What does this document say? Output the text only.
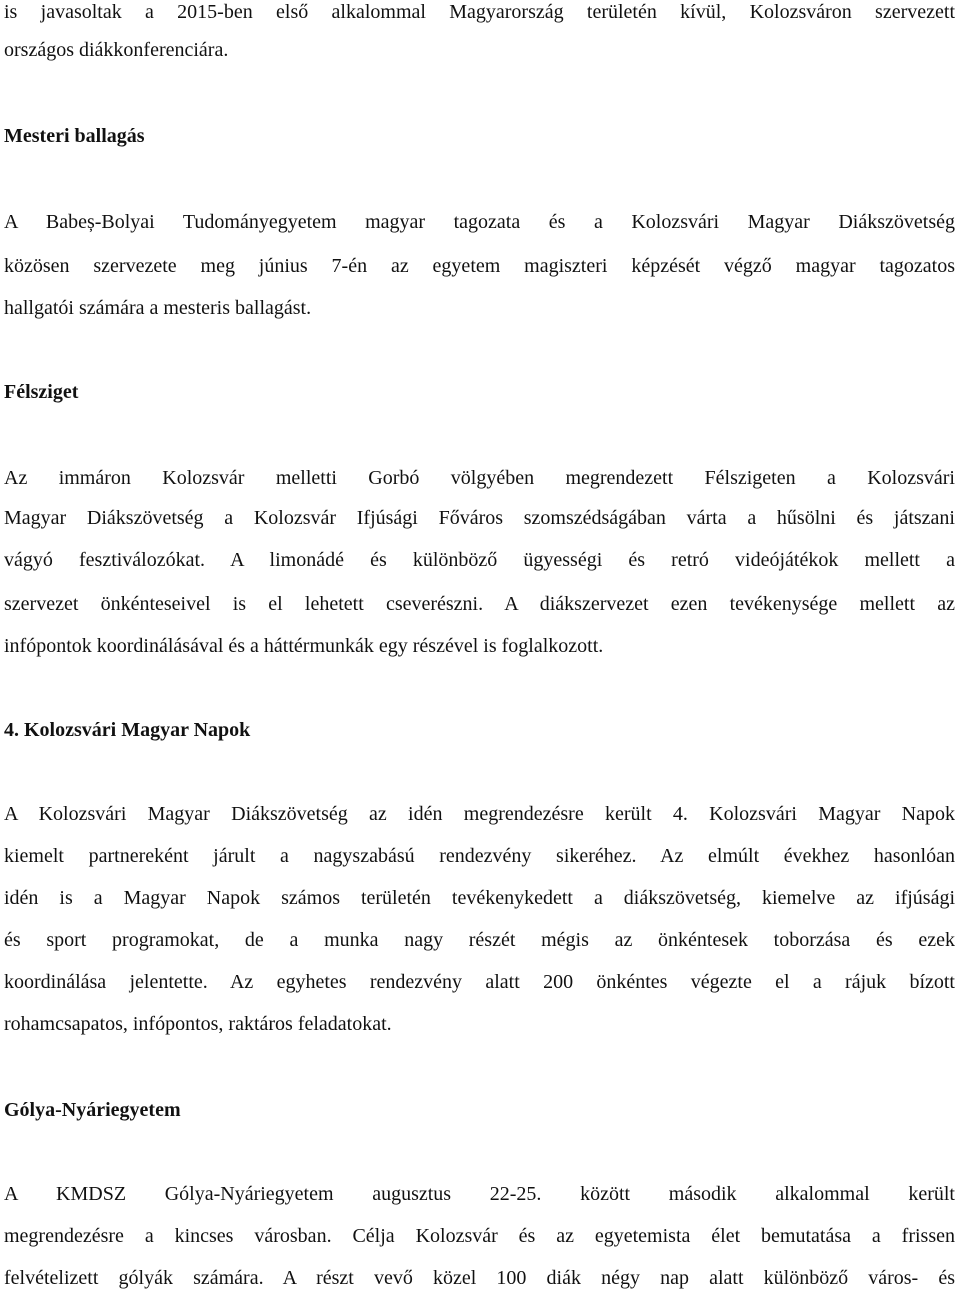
is javasoltak a 2015-ben első alkalommal Magyarország területén kívül, Kolozsváron szervezett
országos diákkonferenciára.
Mesteri ballagás
A Babeș-Bolyai Tudományegyetem magyar tagozata és a Kolozsvári Magyar Diákszövetség
közösen szervezete meg június 7-én az egyetem magiszteri képzését végző magyar tagozatos
hallgatói számára a mesteris ballagást.
Félsziget
Az immáron Kolozsvár melletti Gorbó völgyében megrendezett Félszigeten a Kolozsvári
Magyar Diákszövetség a Kolozsvár Ifjúsági Főváros szomszédságában várta a hűsölni és játszani
vágyó fesztiválozókat. A limonádé és különböző ügyességi és retró videójátékok mellett a
szervezet önkénteseivel is el lehetett cseverészni. A diákszervezet ezen tevékenysége mellett az
infópontok koordinálásával és a háttérmunkák egy részével is foglalkozott.
4. Kolozsvári Magyar Napok
A Kolozsvári Magyar Diákszövetség az idén megrendezésre került 4. Kolozsvári Magyar Napok
kiemelt partnereként járult a nagyszabású rendezvény sikeréhez. Az elmúlt évekhez hasonlóan
idén is a Magyar Napok számos területén tevékenykedett a diákszövetség, kiemelve az ifjúsági
és sport programokat, de a munka nagy részét mégis az önkéntesek toborzása és ezek
koordinálása jelentette. Az egyhetes rendezvény alatt 200 önkéntes végezte el a rájuk bízott
rohamcsapatos, infópontos, raktáros feladatokat.
Gólya-Nyáriegyetem
A KMDSZ Gólya-Nyáriegyetem augusztus 22-25. között második alkalommal került
megrendezésre a kincses városban. Célja Kolozsvár és az egyetemista élet bemutatása a frissen
felvételizett gólyák számára. A részt vevő közel 100 diák négy nap alatt különböző város- és
